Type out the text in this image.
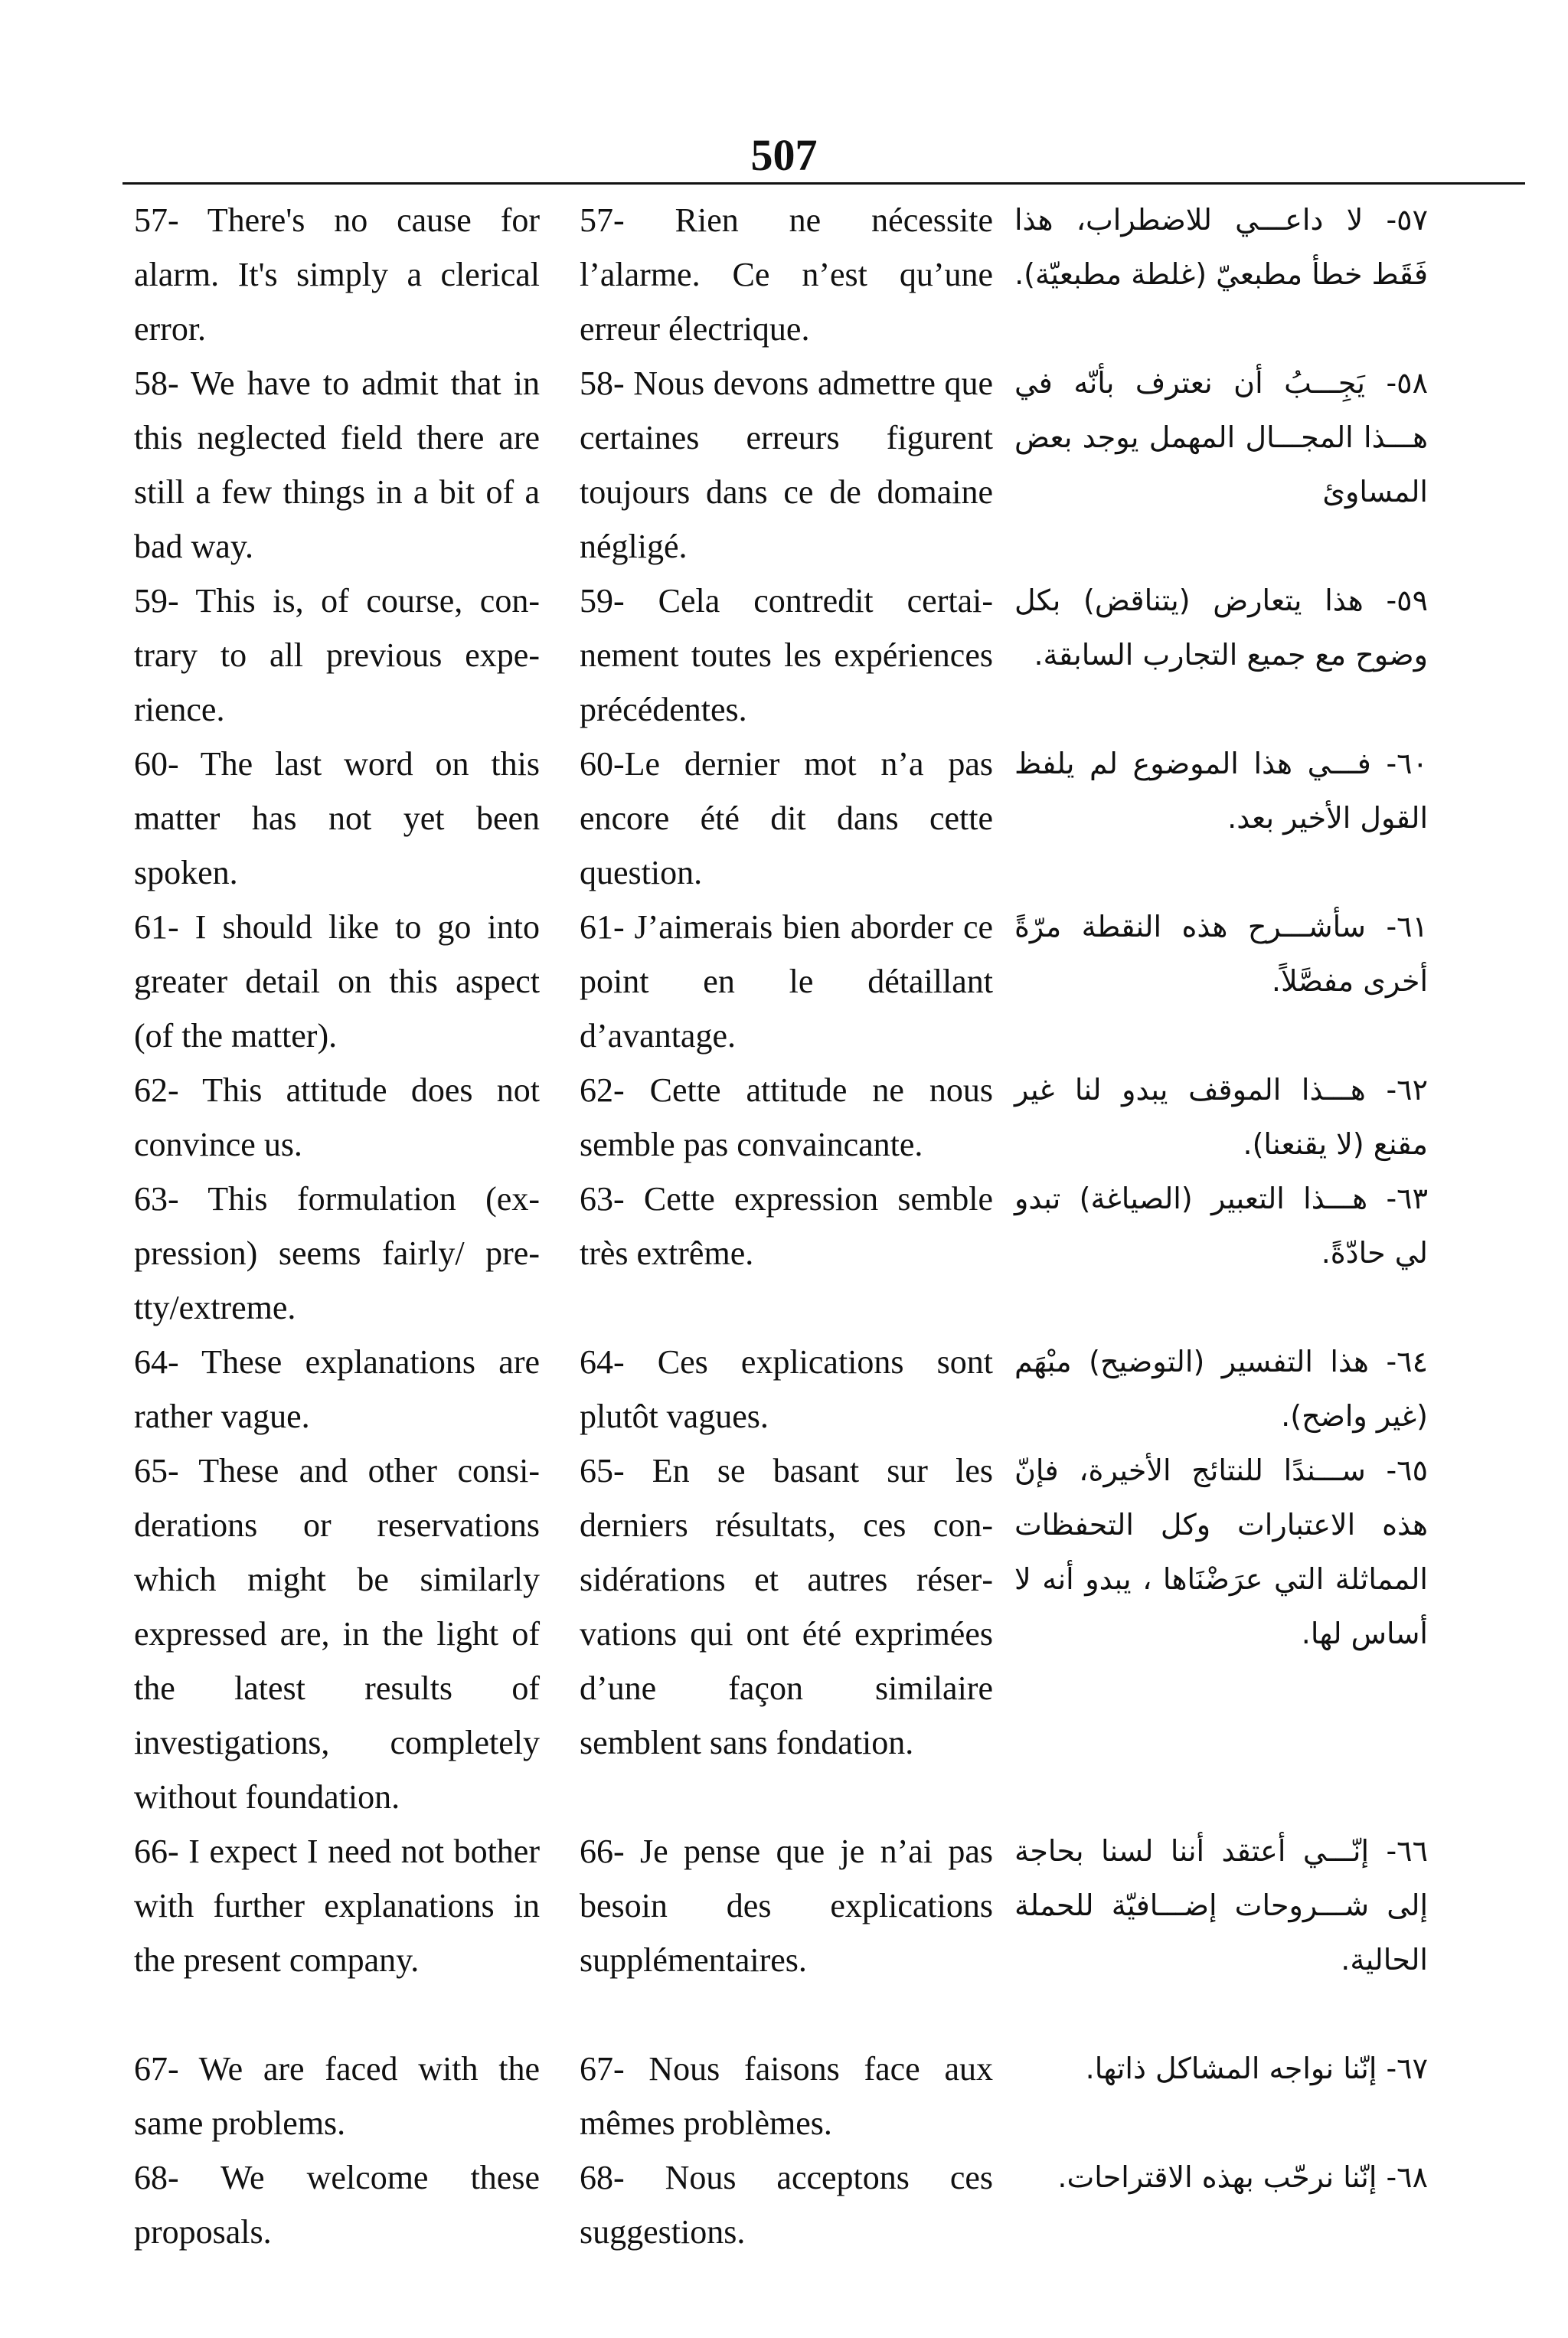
507
57- There's no cause for alarm. It's simply a clerical error.
57- Rien ne nécessite l’alarme. Ce n’est qu’une erreur électrique.
٥٧- لا داعـــي للاضطراب، هذا فَقَط خطأ مطبعيّ (غلطة مطبعيّة).
58- We have to admit that in this neglected field there are still a few things in a bit of a bad way.
58- Nous devons admettre que certaines erreurs figurent toujours dans ce de domaine négligé.
٥٨- يَجِـــبُ أن نعترف بأنّه في هـــذا المجـــال المهمل يوجد بعض المساوئ
59- This is, of course, contrary to all previous experience.
59- Cela contredit certainement toutes les expériences précédentes.
٥٩- هذا يتعارض (يتناقض) بكل وضوح مع جميع التجارب السابقة.
60- The last word on this matter has not yet been spoken.
60-Le dernier mot n’a pas encore été dit dans cette question.
٦٠- فـــي هذا الموضوع لم يلفظ القول الأخير بعد.
61- I should like to go into greater detail on this aspect (of the matter).
61- J’aimerais bien aborder ce point en le détaillant d’avantage.
٦١- سأشـــرح هذه النقطة مرّةً أخرى مفصَّلاً.
62- This attitude does not convince us.
62- Cette attitude ne nous semble pas convaincante.
٦٢- هـــذا الموقف يبدو لنا غير مقنع (لا يقنعنا).
63- This formulation (expression) seems fairly/ pretty/extreme.
63- Cette expression semble très extrême.
٦٣- هـــذا التعبير (الصياغة) تبدو لي حادّةً.
64- These explanations are rather vague.
64- Ces explications sont plutôt vagues.
٦٤- هذا التفسير (التوضيح) مبْهَم (غير واضح).
65- These and other considerations or reservations which might be similarly expressed are, in the light of the latest results of investigations, completely without foundation.
65- En se basant sur les derniers résultats, ces considérations et autres réservations qui ont été exprimées d’une façon similaire semblent sans fondation.
٦٥- ســـندًا للنتائج الأخيرة، فإنّ هذه الاعتبارات وكل التحفظات المماثلة التي عرَضْنَاها ، يبدو أنه لا أساس لها.
66- I expect I need not bother with further explanations in the present company.
66- Je pense que je n’ai pas besoin des explications supplémentaires.
٦٦- إنّـــي أعتقد أننا لسنا بحاجة إلى شـــروحات إضـــافيّة للحملة الحالية.
67- We are faced with the same problems.
67- Nous faisons face aux mêmes problèmes.
٦٧- إنّنا نواجه المشاكل ذاتها.
68- We welcome these proposals.
68- Nous acceptons ces suggestions.
٦٨- إنّنا نرحّب بهذه الاقتراحات.
